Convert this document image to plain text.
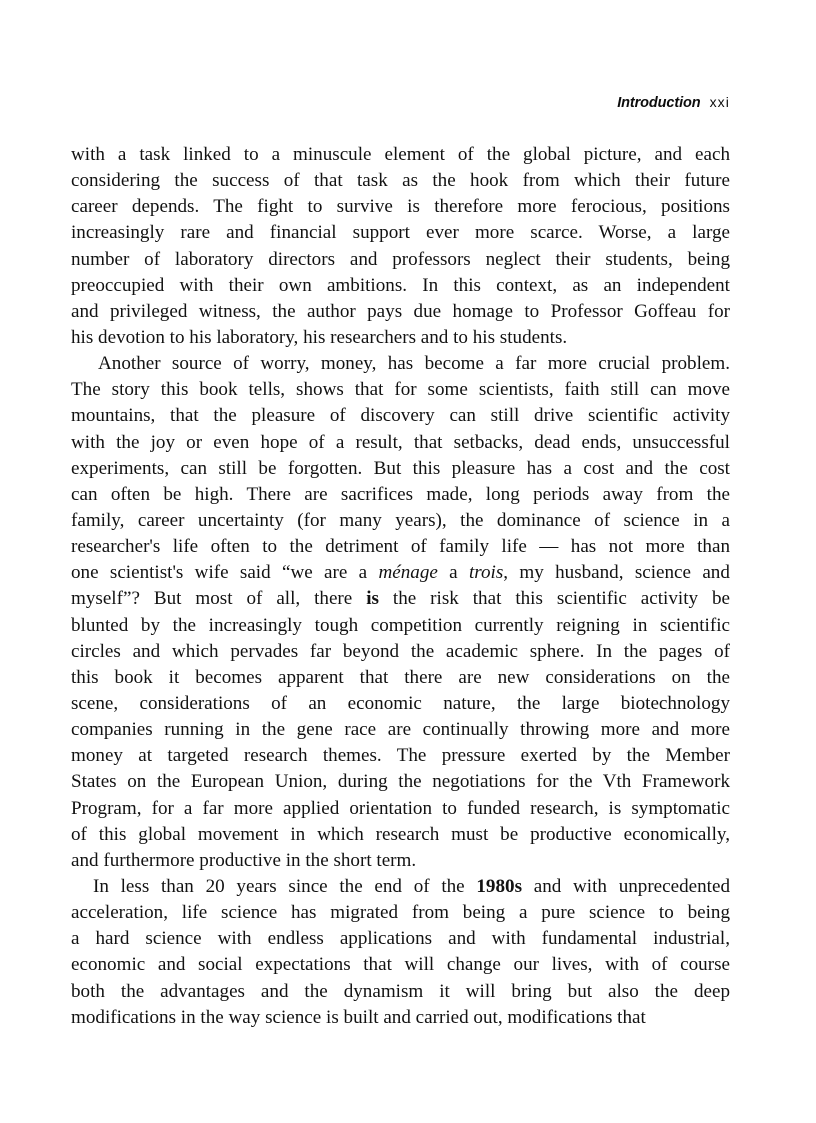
Introduction xxi

with a task linked to a minuscule element of the global picture, and each
considering the success of that task as the hook from which their future
career depends. The fight to survive is therefore more ferocious, positions
increasingly rare and financial support ever more scarce. Worse, a large
number of laboratory directors and professors neglect their students, being
preoccupied with their own ambitions. In this context, as an independent
and privileged witness, the author pays due homage to Professor Goffeau for
his devotion to his laboratory, his researchers and to his students.

Another source of worry, money, has become a far more crucial problem.
The story this book tells, shows that for some scientists, faith still can move
mountains, that the pleasure of discovery can still drive scientific activity
with the joy or even hope of a result, that setbacks, dead ends, unsuccessful
experiments, can still be forgotten. But this pleasure has a cost and the cost
can often be high. There are sacrifices made, long periods away from the
family, career uncertainty (for many years), the dominance of science in a
researcher's life often to the detriment of family life — has not more than
one scientist's wife said “we are a ménage a trois, my husband, science and
myself”? But most of all, there is the risk that this scientific activity be
blunted by the increasingly tough competition currently reigning in scientific
circles and which pervades far beyond the academic sphere. In the pages of
this book it becomes apparent that there are new considerations on the
scene, considerations of an economic nature, the large biotechnology
companies running in the gene race are continually throwing more and more
money at targeted research themes. The pressure exerted by the Member
States on the European Union, during the negotiations for the Vth Framework
Program, for a far more applied orientation to funded research, is symptomatic
of this global movement in which research must be productive economically,
and furthermore productive in the short term.

In less than 20 years since the end of the 1980s and with unprecedented
acceleration, life science has migrated from being a pure science to being
a hard science with endless applications and with fundamental industrial,
economic and social expectations that will change our lives, with of course
both the advantages and the dynamism it will bring but also the deep
modifications in the way science is built and carried out, modifications that
